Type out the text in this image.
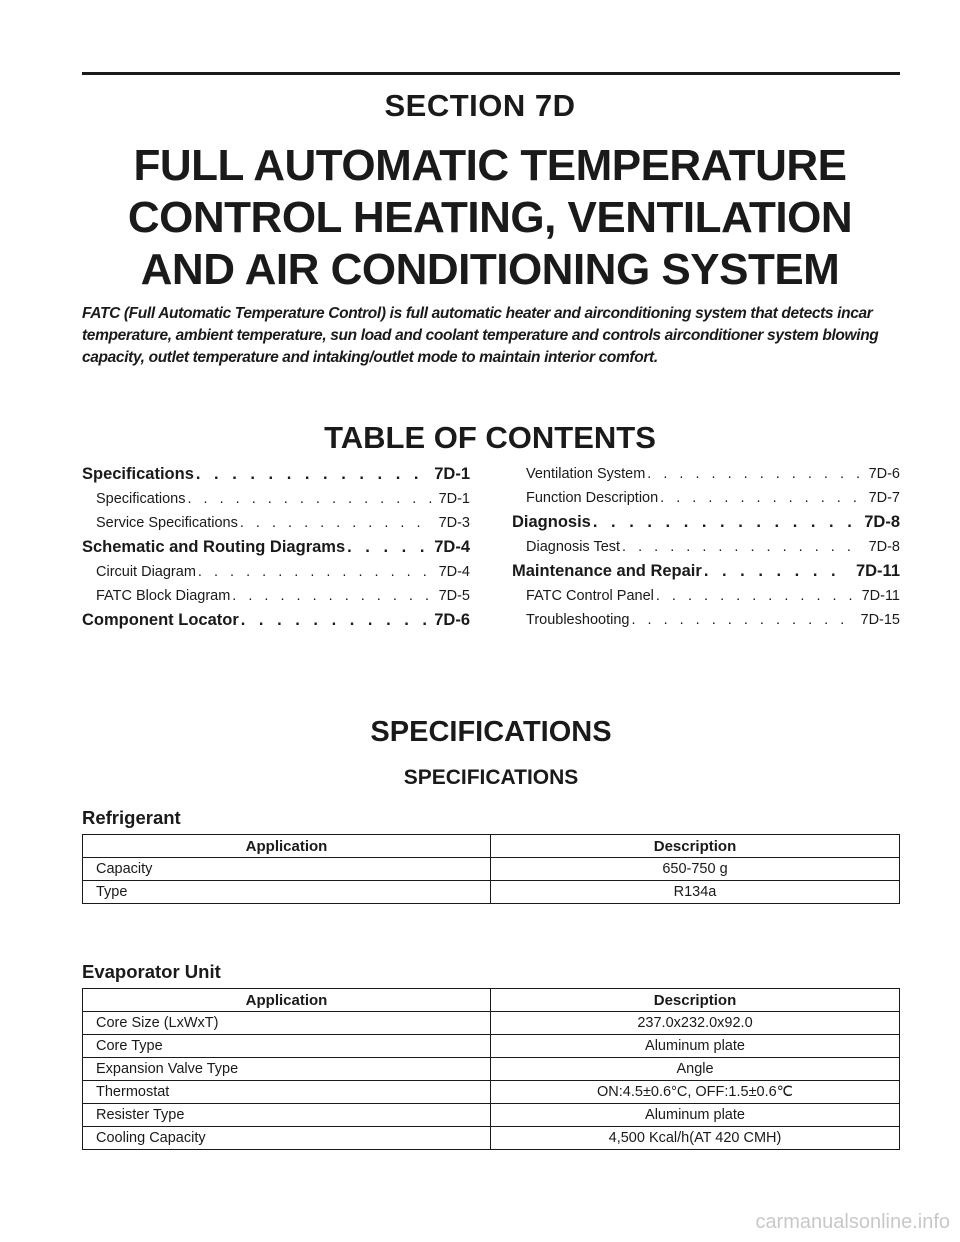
SECTION 7D
FULL AUTOMATIC TEMPERATURE
CONTROL HEATING, VENTILATION
AND AIR CONDITIONING SYSTEM
FATC (Full Automatic Temperature Control) is full automatic heater and airconditioning system that detects incar temperature, ambient temperature, sun load and coolant temperature and controls airconditioner system blowing capacity, outlet temperature and intaking/outlet mode to maintain interior comfort.
TABLE OF CONTENTS
Specifications . . .	7D-1
Specifications . . .	7D-1
Service Specifications . . .	7D-3
Schematic and Routing Diagrams . . .	7D-4
Circuit Diagram . . .	7D-4
FATC Block Diagram . . .	7D-5
Component Locator . . .	7D-6
Ventilation System . . .	7D-6
Function Description . . .	7D-7
Diagnosis . . .	7D-8
Diagnosis Test . . .	7D-8
Maintenance and Repair . . .	7D-11
FATC Control Panel . . .	7D-11
Troubleshooting . . .	7D-15
SPECIFICATIONS
SPECIFICATIONS
Refrigerant
Application	Description
Capacity	650-750 g
Type	R134a
Evaporator Unit
Application	Description
Core Size (LxWxT)	237.0x232.0x92.0
Core Type	Aluminum plate
Expansion Valve Type	Angle
Thermostat	ON:4.5±0.6°C, OFF:1.5±0.6℃
Resister Type	Aluminum plate
Cooling Capacity	4,500 Kcal/h(AT 420 CMH)
carmanualsonline.info
